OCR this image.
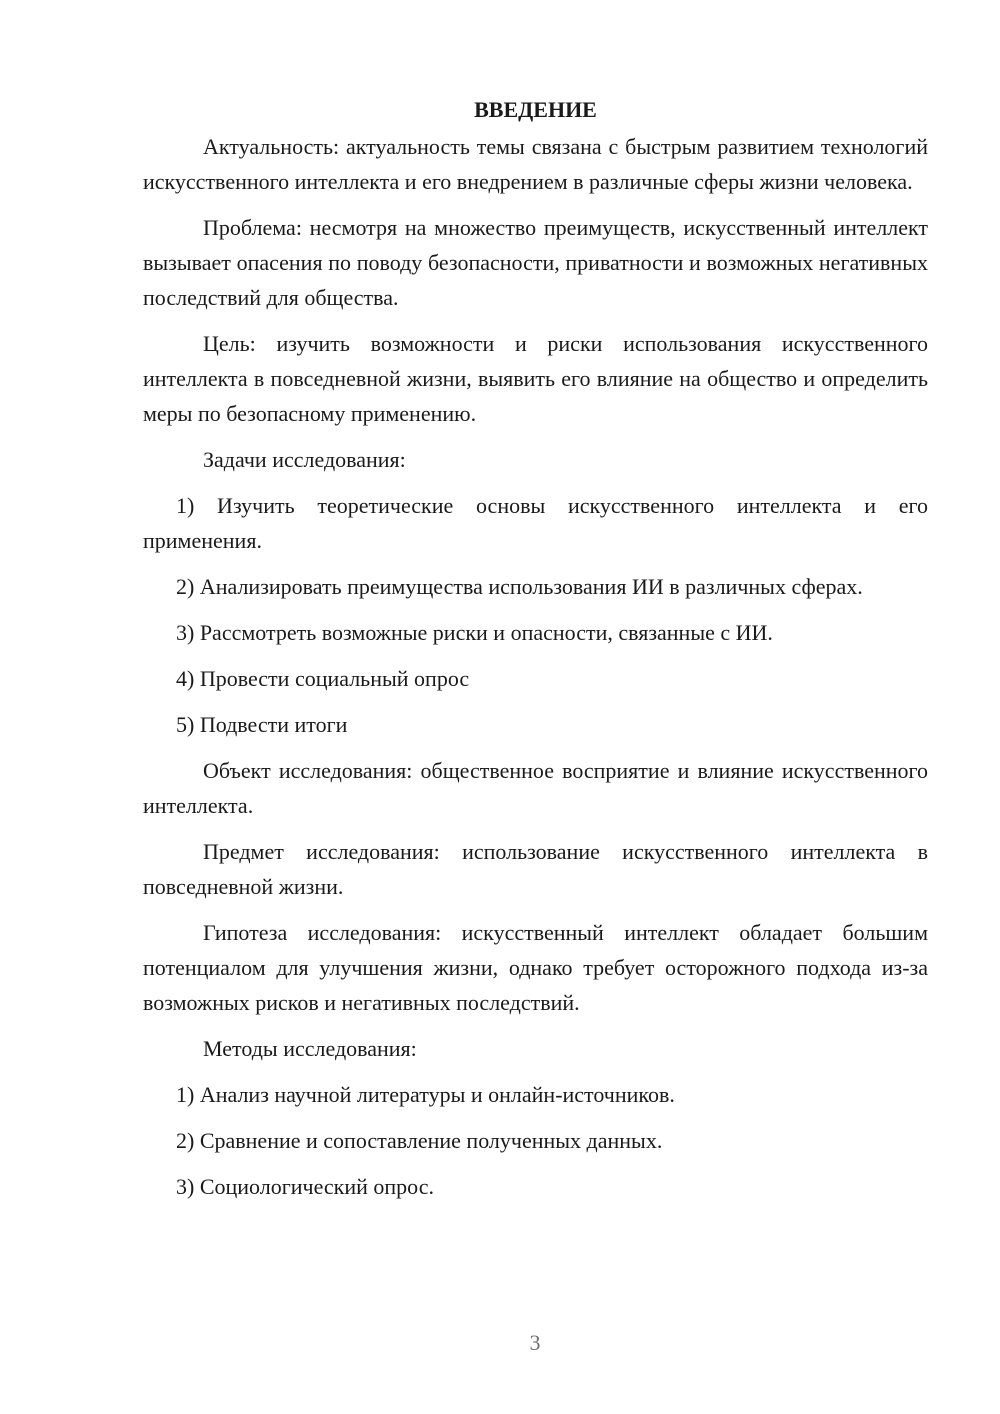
ВВЕДЕНИЕ

Актуальность: актуальность темы связана с быстрым развитием технологий искусственного интеллекта и его внедрением в различные сферы жизни человека.

Проблема: несмотря на множество преимуществ, искусственный интеллект вызывает опасения по поводу безопасности, приватности и возможных негативных последствий для общества.

Цель: изучить возможности и риски использования искусственного интеллекта в повседневной жизни, выявить его влияние на общество и определить меры по безопасному применению.

Задачи исследования:

1) Изучить теоретические основы искусственного интеллекта и его применения.

2) Анализировать преимущества использования ИИ в различных сферах.

3) Рассмотреть возможные риски и опасности, связанные с ИИ.

4) Провести социальный опрос

5) Подвести итоги

Объект исследования: общественное восприятие и влияние искусственного интеллекта.

Предмет исследования: использование искусственного интеллекта в повседневной жизни.

Гипотеза исследования: искусственный интеллект обладает большим потенциалом для улучшения жизни, однако требует осторожного подхода из-за возможных рисков и негативных последствий.

Методы исследования:

1) Анализ научной литературы и онлайн-источников.

2) Сравнение и сопоставление полученных данных.

3) Социологический опрос.

3
